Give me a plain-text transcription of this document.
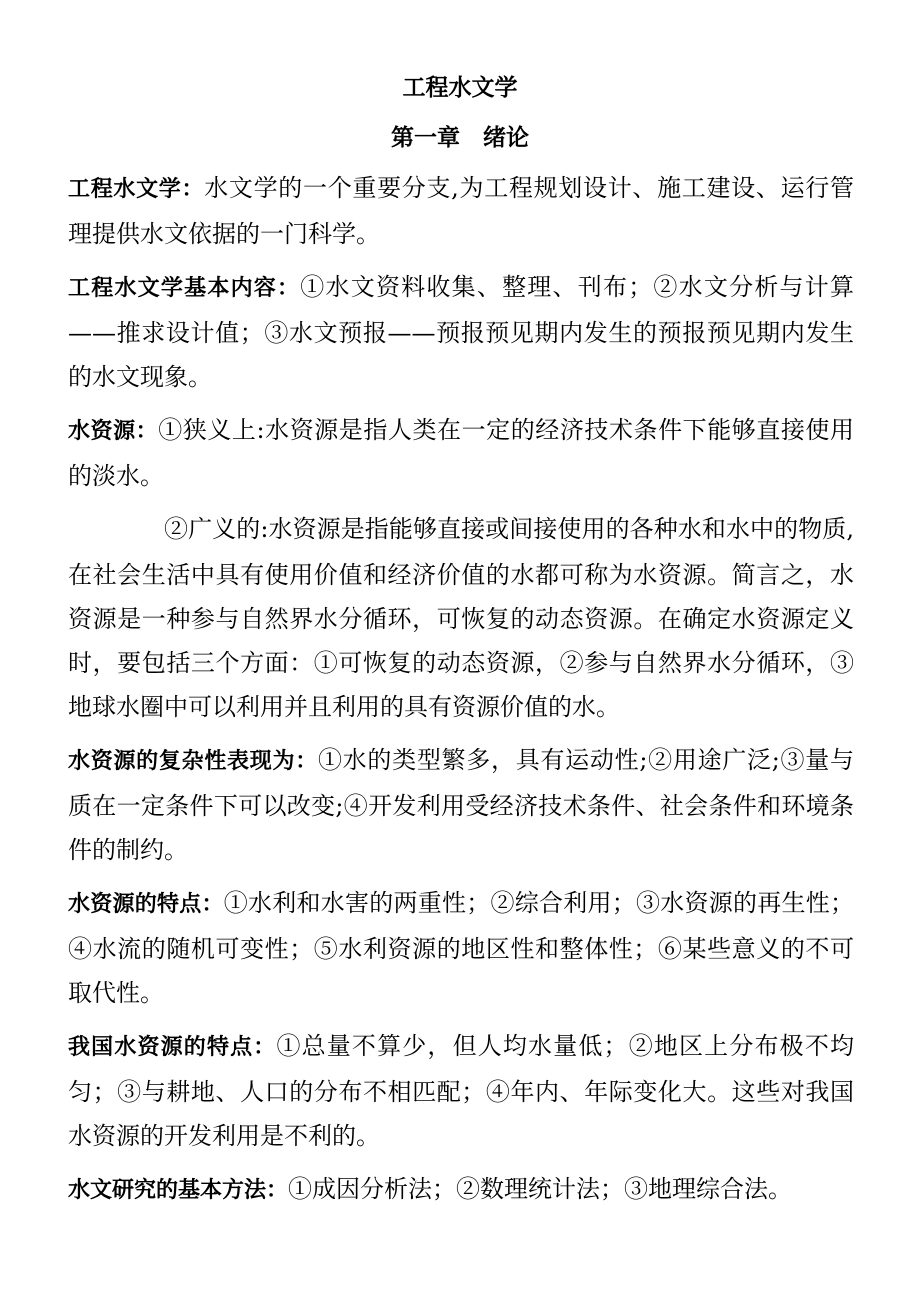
工程水文学
第一章　绪论

工程水文学：水文学的一个重要分支,为工程规划设计、施工建设、运行管理提供水文依据的一门科学。

工程水文学基本内容：①水文资料收集、整理、刊布；②水文分析与计算——推求设计值；③水文预报——预报预见期内发生的预报预见期内发生的水文现象。

水资源：①狭义上:水资源是指人类在一定的经济技术条件下能够直接使用的淡水。

②广义的:水资源是指能够直接或间接使用的各种水和水中的物质,在社会生活中具有使用价值和经济价值的水都可称为水资源。简言之，水资源是一种参与自然界水分循环，可恢复的动态资源。在确定水资源定义时，要包括三个方面：①可恢复的动态资源，②参与自然界水分循环，③地球水圈中可以利用并且利用的具有资源价值的水。

水资源的复杂性表现为：①水的类型繁多，具有运动性;②用途广泛;③量与质在一定条件下可以改变;④开发利用受经济技术条件、社会条件和环境条件的制约。

水资源的特点：①水利和水害的两重性；②综合利用；③水资源的再生性；④水流的随机可变性；⑤水利资源的地区性和整体性；⑥某些意义的不可取代性。

我国水资源的特点：①总量不算少，但人均水量低；②地区上分布极不均匀；③与耕地、人口的分布不相匹配；④年内、年际变化大。这些对我国水资源的开发利用是不利的。

水文研究的基本方法：①成因分析法；②数理统计法；③地理综合法。
